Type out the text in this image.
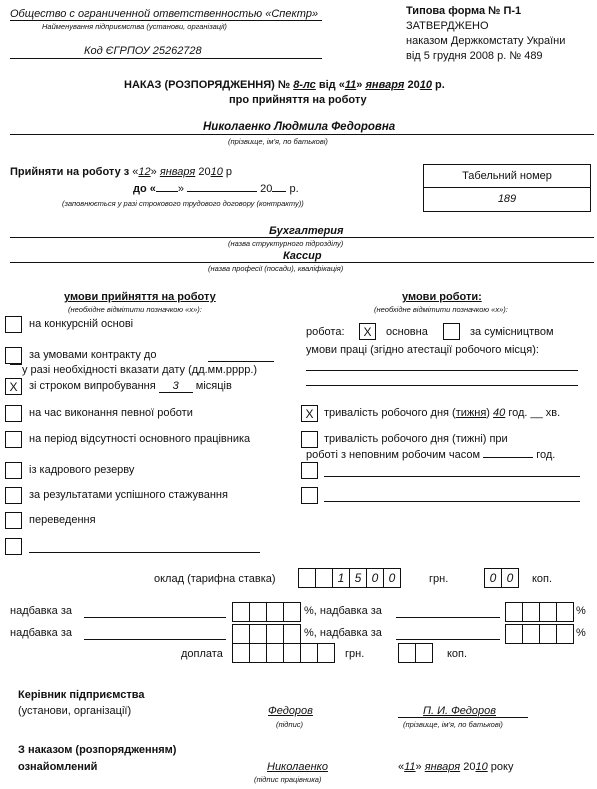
Общество с ограниченной ответственностью «Спектр»
Найменування підприємства (установи, організації)
Код ЄГРПОУ 25262728
Типова форма № П-1
ЗАТВЕРДЖЕНО
наказом Держкомстату України
від 5 грудня 2008 р. № 489
НАКАЗ (РОЗПОРЯДЖЕННЯ) № 8-лс від «11» января 2010 р.
про прийняття на роботу
Николаенко Людмила Федоровна
(прізвище, ім'я, по батькові)
Прийняти на роботу з «12» января 2010 р
до « »	20 р.
(заповнюється у разі строкового трудового договору (контракту))
Табельний номер
189
Бухгалтерия
(назва структурного підрозділу)
Кассир
(назва професії (посади), кваліфікація)
умови прийняття на роботу
(необхідне відмітити позначкою «х»):
на конкурсній основі
за умовами контракту до
у разі необхідності вказати дату (дд.мм.рррр.)
X	зі строком випробування 3 місяців
на час виконання певної роботи
на період відсутності основного працівника
із кадрового резерву
за результатами успішного стажування
переведення
умови роботи:
(необхідне відмітити позначкою «х»):
робота:	X	основна	за сумісництвом
умови праці (згідно атестації робочого місця):
X тривалість робочого дня (тижня) 40 год. __ хв.
тривалість робочого дня (тижні) при
роботі з неповним робочим часом	год.
оклад (тарифна ставка)	1 5 0 0	грн.	0 0	коп.
надбавка за	%, надбавка за	%
надбавка за	%, надбавка за	%
доплата	грн.	коп.
Керівник підприємства
(установи, організації)	Федоров
(підпис)
П. И. Федоров
(прізвище, ім'я, по батькові)
З наказом (розпорядженням)
ознайомлений	Николаенко
(підпис працівника)
«11» января 2010 року
